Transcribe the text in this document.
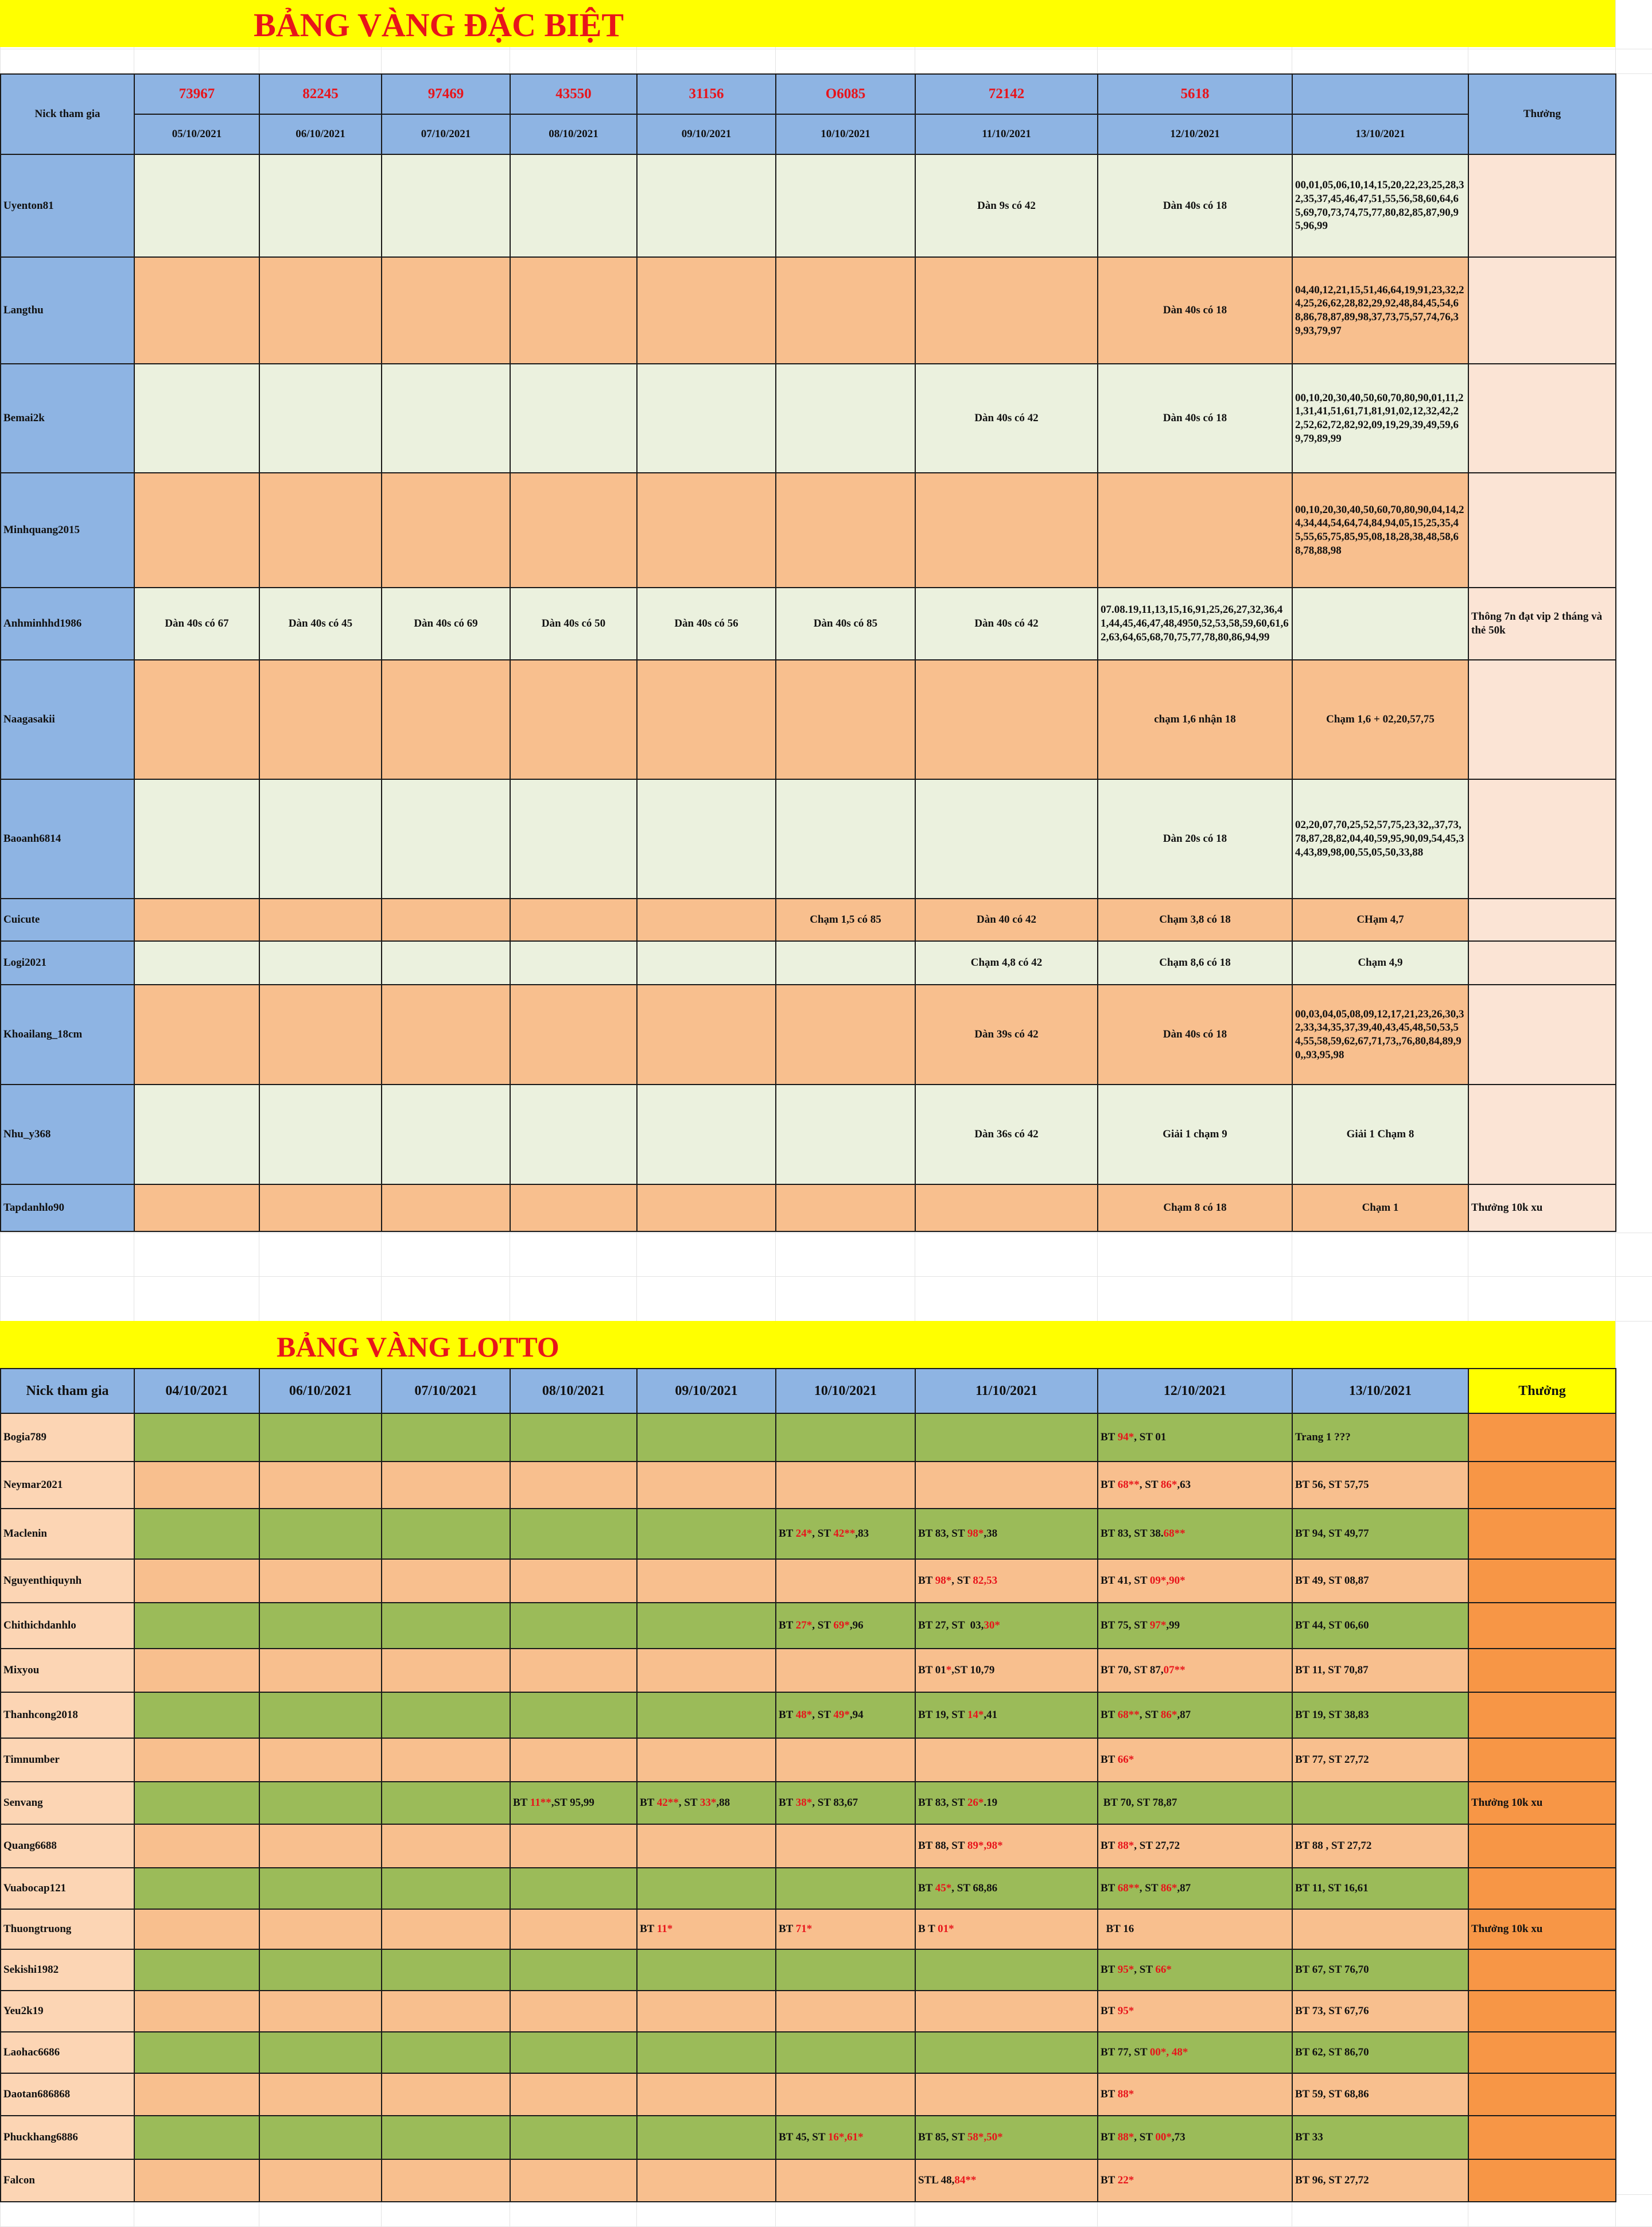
BẢNG VÀNG ĐẶC BIỆT
Nick tham gia	73967	82245	97469	43550	31156	O6085	72142	5618		Thưởng
	05/10/2021	06/10/2021	07/10/2021	08/10/2021	09/10/2021	10/10/2021	11/10/2021	12/10/2021	13/10/2021	
Uyenton81							Dàn 9s có 42	Dàn 40s có 18	00,01,05,06,10,14,15,20,22,23,25,28,32,35,37,45,46,47,51,55,56,58,60,64,65,69,70,73,74,75,77,80,82,85,87,90,95,96,99	
Langthu								Dàn 40s có 18	04,40,12,21,15,51,46,64,19,91,23,32,24,25,26,62,28,82,29,92,48,84,45,54,68,86,78,87,89,98,37,73,75,57,74,76,39,93,79,97	
Bemai2k							Dàn 40s có 42	Dàn 40s có 18	00,10,20,30,40,50,60,70,80,90,01,11,21,31,41,51,61,71,81,91,02,12,32,42,22,52,62,72,82,92,09,19,29,39,49,59,69,79,89,99	
Minhquang2015									00,10,20,30,40,50,60,70,80,90,04,14,24,34,44,54,64,74,84,94,05,15,25,35,45,55,65,75,85,95,08,18,28,38,48,58,68,78,88,98	
Anhminhhd1986	Dàn 40s có 67	Dàn 40s có 45	Dàn 40s có 69	Dàn 40s có 50	Dàn 40s có 56	Dàn 40s có 85	Dàn 40s có 42	07.08.19,11,13,15,16,91,25,26,27,32,36,41,44,45,46,47,48,4950,52,53,58,59,60,61,62,63,64,65,68,70,75,77,78,80,86,94,99		Thông 7n đạt vip 2 tháng và thẻ 50k
Naagasakii								chạm 1,6 nhận 18	Chạm 1,6 + 02,20,57,75	
Baoanh6814								Dàn 20s có 18	02,20,07,70,25,52,57,75,23,32,,37,73,78,87,28,82,04,40,59,95,90,09,54,45,34,43,89,98,00,55,05,50,33,88	
Cuicute						Chạm 1,5 có 85	Dàn 40 có 42	Chạm 3,8 có 18	CHạm 4,7	
Logi2021							Chạm 4,8 có 42	Chạm 8,6 có 18	Chạm 4,9	
Khoailang_18cm							Dàn 39s có 42	Dàn 40s có 18	00,03,04,05,08,09,12,17,21,23,26,30,32,33,34,35,37,39,40,43,45,48,50,53,54,55,58,59,62,67,71,73,,76,80,84,89,90,,93,95,98	
Nhu_y368							Dàn 36s có 42	Giải 1 chạm 9	Giải 1 Chạm 8	
Tapdanhlo90								Chạm 8 có 18	Chạm 1	Thưởng 10k xu
BẢNG VÀNG LOTTO
Nick tham gia	04/10/2021	06/10/2021	07/10/2021	08/10/2021	09/10/2021	10/10/2021	11/10/2021	12/10/2021	13/10/2021	Thưởng
Bogia789								BT 94*, ST 01	Trang 1 ???	
Neymar2021								BT 68**, ST 86*,63	BT 56, ST 57,75	
Maclenin						BT 24*, ST 42**,83	BT 83, ST 98*,38	BT 83, ST 38.68**	BT 94, ST 49,77	
Nguyenthiquynh							BT 98*, ST 82,53	BT 41, ST 09*,90*	BT 49, ST 08,87	
Chithichdanhlo						BT 27*, ST 69*,96	BT 27, ST  03,30*	BT 75, ST 97*,99	BT 44, ST 06,60	
Mixyou							BT 01*,ST 10,79	BT 70, ST 87,07**	BT 11, ST 70,87	
Thanhcong2018						BT 48*, ST 49*,94	BT 19, ST 14*,41	BT 68**, ST 86*,87	BT 19, ST 38,83	
Timnumber								BT 66*	BT 77, ST 27,72	
Senvang				BT 11**,ST 95,99	BT 42**, ST 33*,88	BT 38*, ST 83,67	BT 83, ST 26*.19	BT 70, ST 78,87		Thưởng 10k xu
Quang6688							BT 88, ST 89*,98*	BT 88*, ST 27,72	BT 88 , ST 27,72	
Vuabocap121							BT 45*, ST 68,86	BT 68**, ST 86*,87	BT 11, ST 16,61	
Thuongtruong					BT 11*	BT 71*	B T 01*	BT 16		Thưởng 10k xu
Sekishi1982								BT 95*, ST 66*	BT 67, ST 76,70	
Yeu2k19								BT 95*	BT 73, ST 67,76	
Laohac6686								BT 77, ST 00*, 48*	BT 62, ST 86,70	
Daotan686868								BT 88*	BT 59, ST 68,86	
Phuckhang6886						BT 45, ST 16*,61*	BT 85, ST 58*,50*	BT 88*, ST 00*,73	BT 33	
Falcon							STL 48,84**	BT 22*	BT 96, ST 27,72	
